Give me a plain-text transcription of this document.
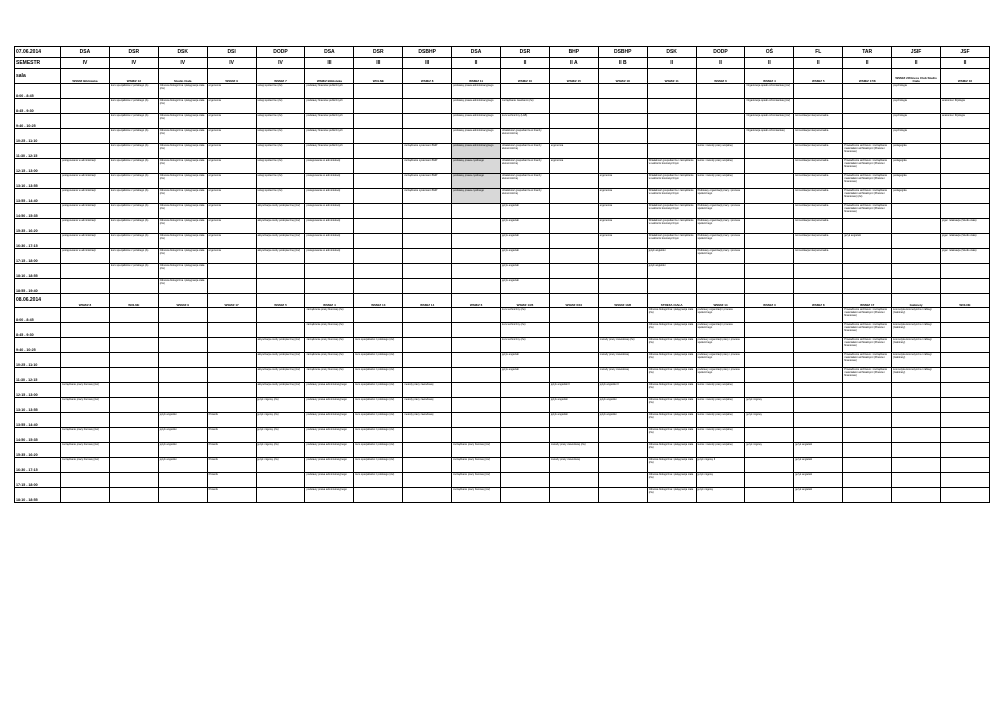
07.06.2014	DSA	DSR	DSK	DSI	DODP	DSA	DSR	DSBHP	DSA	DSR	BHP	DSBHP	DSK	DODP	OŚ	FL	TAR	JSIF	JSF
SEMESTR	IV	IV	IV	IV	IV	III	III	III	II	II	II A	II B	II	II	II	II	II	II	II
sala	WSMiZ Biblioteka	WSMiZ 13	Studio Ciała	WSMiZ 9	WSMiZ 7	WSMiZ Biblioteka	WOLNE	WSMiZ 8	WSMiZ 11	WSMiZ 10	WSMiZ 15	WSMiZ 18	WSMiZ 11	WSMiZ 6	WSMiZ 4	WSMiZ 5	WSMiZ 17/8	WSMiZ 2/Fitness Club Studio Ciała	WSMiZ 16
8:00 - 8:45		kurs specjalistów z polskiego (A)	Odnowa biologiczna i pielęgnacja ciała (ćw)	ergonomia	usługi społeczne (ćw)	podstawy finansów publicznych			podstawy prawa administracyjnego						Organizacja opieki ochroniarskiej (ćw)			psychologia	
8:45 - 9:30		kurs specjalistów z polskiego (A)	Odnowa biologiczna i pielęgnacja ciała (ćw)	ergonomia	usługi społeczne (ćw)	podstawy finansów publicznych			podstawy prawa administracyjnego	zarządzanie zasobami (ćw)					Organizacja opieki ochroniarskiej (ćw)			psychologia	anatomia i fizjologia
9:40 - 10:25		kurs specjalistów z polskiego (A)	Odnowa biologiczna i pielęgnacja ciała (ćw)	ergonomia	usługi społeczne (ćw)	podstawy finansów publicznych			podstawy prawa administracyjnego	kurs techniczny (LAB)					Organizacja opieki ochroniarskiej (ćw)	komunikacja interpersonalna		psychologia	anatomia i fizjologia
10:25 - 11:10		kurs specjalistów z polskiego (A)	Odnowa biologiczna i pielęgnacja ciała (ćw)	ergonomia	usługi społeczne (ćw)	podstawy finansów publicznych			podstawy prawa administracyjnego	działalność gospodarcza w branży ekonomicznej					Organizacja opieki ochroniarskiej	komunikacja interpersonalna		psychologia	
11:30 - 12:15		kurs specjalistów z polskiego (A)	Odnowa biologiczna i pielęgnacja ciała (ćw)	ergonomia	usługi społeczne (ćw)	podstawy finansów publicznych		zarządzanie systemami BHP	podstawy prawa administracyjnego	działalność gospodarcza w branży ekonomicznej	ergonomia			teorie i metody pracy socjalnej		komunikacja interpersonalna	Prowadzenie archiwum i zarządzanie materiałami archiwalnymi (Prawne i finansowe)	pedagogika	
12:15 - 13:00	postępowanie w administracji	kurs specjalistów z polskiego (A)	Odnowa biologiczna i pielęgnacja ciała (ćw)	ergonomia	usługi społeczne (ćw)	postępowanie w administracji		zarządzanie systemami BHP	podstawy prawa cywilnego	działalność gospodarcza w branży ekonomicznej	ergonomia		Działalność gospodarcza i zarządzanie w sektorze kosmetycznym	teorie i metody pracy socjalnej		komunikacja interpersonalna	Prowadzenie archiwum i zarządzanie materiałami archiwalnymi (Prawne i finansowe)	pedagogika	
13:10 - 13:55	postępowanie w administracji	kurs specjalistów z polskiego (A)	Odnowa biologiczna i pielęgnacja ciała (ćw)	ergonomia	usługi społeczne (ćw)	postępowanie w administracji		zarządzanie systemami BHP	podstawy prawa cywilnego	działalność gospodarcza w branży ekonomicznej		ergonomia	Działalność gospodarcza i zarządzanie w sektorze kosmetycznym	teorie i metody pracy socjalnej		komunikacja interpersonalna	Prowadzenie archiwum i zarządzanie materiałami archiwalnymi (Prawne i finansowe)	pedagogika	
13:55 - 14:40	postępowanie w administracji	kurs specjalistów z polskiego (A)	Odnowa biologiczna i pielęgnacja ciała (ćw)	ergonomia	usługi społeczne (ćw)	postępowanie w administracji		zarządzanie systemami BHP	podstawy prawa cywilnego	działalność gospodarcza w branży ekonomicznej		ergonomia	Działalność gospodarcza i zarządzanie w sektorze kosmetycznym	Podstawy organizacji pracy i procesu społecznego		komunikacja interpersonalna	Prowadzenie archiwum i zarządzanie materiałami archiwalnymi (Prawne i finansowe) (ćw)	pedagogika	
14:50 - 15:35	postępowanie w administracji	kurs specjalistów z polskiego (A)	Odnowa biologiczna i pielęgnacja ciała (ćw)	ergonomia	aktywizacja osoby podopiecznej (ćw)	postępowanie w administracji				język angielski		ergonomia	Działalność gospodarcza i zarządzanie w sektorze kosmetycznym	Podstawy organizacji pracy i procesu społecznego		komunikacja interpersonalna	Prowadzenie archiwum i zarządzanie materiałami archiwalnymi (Prawne i finansowe)		
15:35 - 16:20	postępowanie w administracji	kurs specjalistów z polskiego (A)	Odnowa biologiczna i pielęgnacja ciała (ćw)	ergonomia	aktywizacja osoby podopiecznej (ćw)	postępowanie w administracji				język angielski		ergonomia	Działalność gospodarcza i zarządzanie w sektorze kosmetycznym	Podstawy organizacji pracy i procesu społecznego		komunikacja interpersonalna			joga i relaksacja (Studio ciała)
16:30 - 17:15	postępowanie w administracji	kurs specjalistów z polskiego (A)	Odnowa biologiczna i pielęgnacja ciała (ćw)	ergonomia	aktywizacja osoby podopiecznej (ćw)	postępowanie w administracji				język angielski		ergonomia	Działalność gospodarcza i zarządzanie w sektorze kosmetycznym	Podstawy organizacji pracy i procesu społecznego		komunikacja interpersonalna	język angielski		joga i relaksacja (Studio ciała)
17:15 - 18:00	postępowanie w administracji	kurs specjalistów z polskiego (A)	Odnowa biologiczna i pielęgnacja ciała (ćw)	ergonomia	aktywizacja osoby podopiecznej (ćw)	postępowanie w administracji				język angielski			język angielski	Podstawy organizacji pracy i procesu społecznego		komunikacja interpersonalna			joga i relaksacja (Studio ciała)
18:10 - 18:55		kurs specjalistów z polskiego (A)	Odnowa biologiczna i pielęgnacja ciała (ćw)							język angielski			język angielski						
18:55 - 19:40			Odnowa biologiczna i pielęgnacja ciała (ćw)							język angielski									
08.06.2014	WSMiZ 8	WOLNE	WSMiZ 9	WSMiZ 17	WSMiZ 5	WSMiZ 4	WSMiZ 13	WSMiZ 14	WSMiZ 6	WSMiZ 13/6	WSMiZ 6/10	WSMiZ 10/8	STREFA CIAŁA	WSMiZ 14	WSMiZ 3	WSMiZ 8	WSMiZ 17	Gabinety	WOLNE
8:00 - 8:45						zarządzanie pracy biurowej (ćw)				kurs techniczny (ćw)			Odnowa biologiczna i pielęgnacja ciała (ćw)	podstawy organizacji i procesu społecznego			Prowadzenie archiwum i zarządzanie materiałami archiwalnymi (Prawne i finansowe)	kosmetyka kosmetyczna i zabiegi (Gabinety)	
8:45 - 9:30						zarządzanie pracy biurowej (ćw)				kurs techniczny (ćw)			Odnowa biologiczna i pielęgnacja ciała (ćw)	podstawy organizacji i procesu społecznego			Prowadzenie archiwum i zarządzanie materiałami archiwalnymi (Prawne i finansowe)	kosmetyka kosmetyczna i zabiegi (Gabinety)	
9:40 - 10:25					aktywizacja osoby podopiecznej (ćw)	zarządzanie pracy biurowej (ćw)	kurs specjalistów z polskiego (ćw)			kurs techniczny (ćw)		metody pracy zawodowej (ćw)	Odnowa biologiczna i pielęgnacja ciała (ćw)	podstawy organizacji pracy i procesu społecznego			Prowadzenie archiwum i zarządzanie materiałami archiwalnymi (Prawne i finansowe)	kosmetyka kosmetyczna i zabiegi (Gabinety)	
10:25 - 11:10					aktywizacja osoby podopiecznej (ćw)	zarządzanie pracy biurowej (ćw)	kurs specjalistów z polskiego (ćw)			język angielski		metody pracy zawodowej	Odnowa biologiczna i pielęgnacja ciała (ćw)	podstawy organizacji pracy i procesu społecznego			Prowadzenie archiwum i zarządzanie materiałami archiwalnymi (Prawne i finansowe)	kosmetyka kosmetyczna i zabiegi (Gabinety)	
11:30 - 12:15					aktywizacja osoby podopiecznej (ćw)	zarządzanie pracy biurowej (ćw)	kurs specjalistów z polskiego (ćw)			język angielski		metody pracy zawodowej	Odnowa biologiczna i pielęgnacja ciała (ćw)	podstawy organizacji pracy i procesu społecznego			Prowadzenie archiwum i zarządzanie materiałami archiwalnymi (Prawne i finansowe)	kosmetyka kosmetyczna i zabiegi (Gabinety)	
12:15 - 13:00	zarządzanie pracy biurowej (ćw)				aktywizacja osoby podopiecznej (ćw)	podstawy prawa administracyjnego	kurs specjalistów z polskiego (ćw)	metody pracy zawodowej			język angielski II	język angielski II	Odnowa biologiczna i pielęgnacja ciała (ćw)	teorie i metody pracy socjalnej					
13:10 - 13:55	zarządzanie pracy biurowej (ćw)				język migowy (ćw)	podstawy prawa administracyjnego	kurs specjalistów z polskiego (ćw)	metody pracy zawodowej			język angielski	język angielski	Odnowa biologiczna i pielęgnacja ciała (ćw)	teorie i metody pracy socjalnej	język migowy				
13:55 - 14:40			język angielski	Prawnik	język migowy (ćw)	podstawy prawa administracyjnego	kurs specjalistów z polskiego (ćw)	metody pracy zawodowej			język angielski	język angielski	Odnowa biologiczna i pielęgnacja ciała (ćw)	teorie i metody pracy socjalnej	język migowy				
14:50 - 15:35	zarządzanie pracy biurowej (ćw)		język angielski	Prawnik	język migowy (ćw)	podstawy prawa administracyjnego	kurs specjalistów z polskiego (ćw)						Odnowa biologiczna i pielęgnacja ciała (ćw)	teorie i metody pracy socjalnej					
15:35 - 16:20	zarządzanie pracy biurowej (ćw)		język angielski	Prawnik	język migowy (ćw)	podstawy prawa administracyjnego	kurs specjalistów z polskiego (ćw)		zarządzanie pracy biurowej (ćw)		metody pracy zawodowej (ćw)		Odnowa biologiczna i pielęgnacja ciała (ćw)	teorie i metody pracy socjalnej	język migowy	język angielski			
16:30 - 17:15	zarządzanie pracy biurowej (ćw)		język angielski	Prawnik	język migowy (ćw)	podstawy prawa administracyjnego	kurs specjalistów z polskiego (ćw)		zarządzanie pracy biurowej (ćw)		metody pracy zawodowej		Odnowa biologiczna i pielęgnacja ciała (ćw)	język migowy II		język angielski			
17:15 - 18:00				Prawnik		podstawy prawa administracyjnego	kurs specjalistów z polskiego (ćw)		zarządzanie pracy biurowej (ćw)				Odnowa biologiczna i pielęgnacja ciała (ćw)	język migowy		język angielski			
18:10 - 18:55				Prawnik		podstawy prawa administracyjnego			zarządzanie pracy biurowej (ćw)				Odnowa biologiczna i pielęgnacja ciała (ćw)	język migowy		język angielski			
